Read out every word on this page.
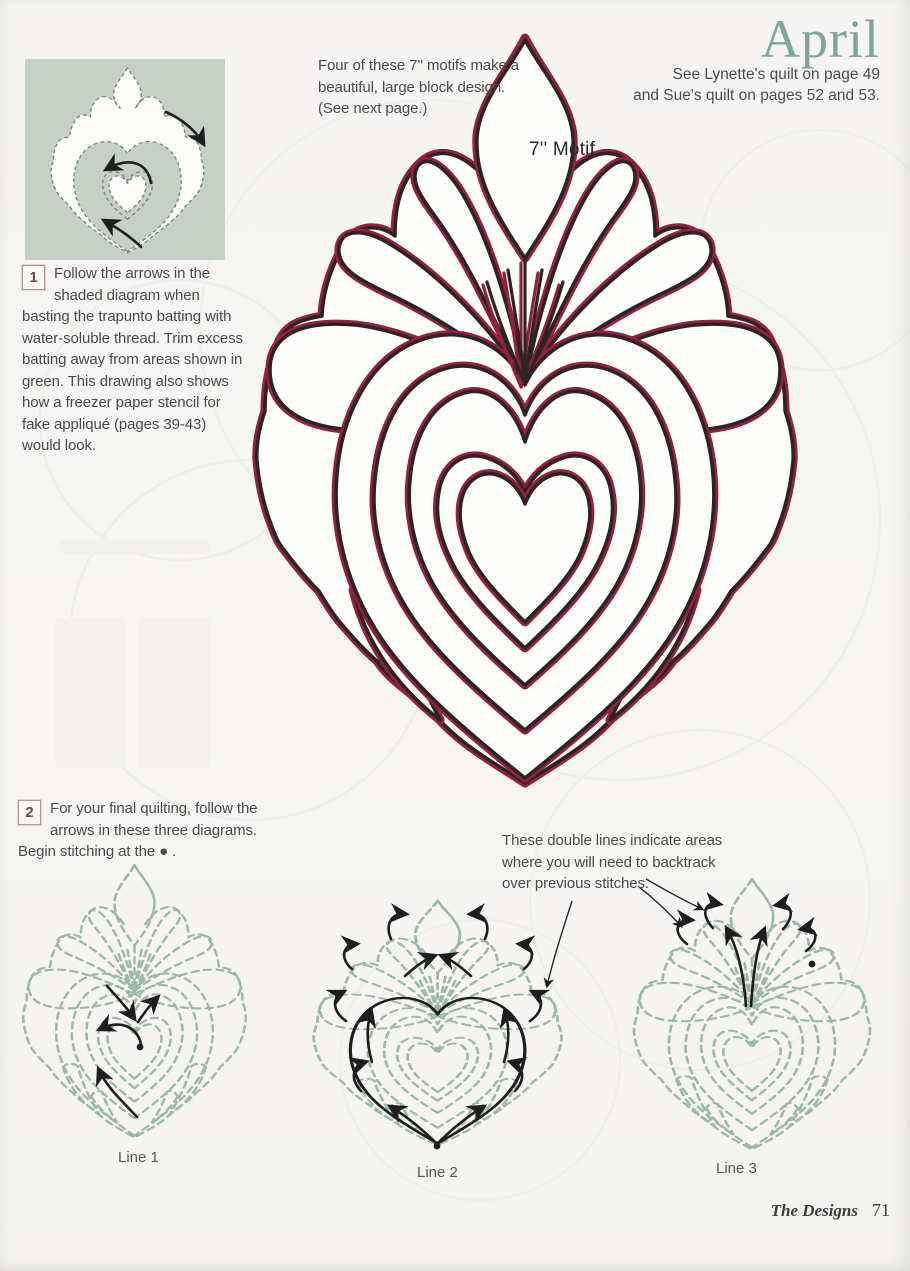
April
See Lynette's quilt on page 49
and Sue's quilt on pages 52 and 53.
Four of these 7'' motifs make a beautiful, large block design. (See next page.)
7'' Motif
1	Follow the arrows in the shaded diagram when basting the trapunto batting with water-soluble thread. Trim excess batting away from areas shown in green. This drawing also shows how a freezer paper stencil for fake appliqué (pages 39-43) would look.
2	For your final quilting, follow the arrows in these three diagrams. Begin stitching at the ● .
These double lines indicate areas where you will need to backtrack over previous stitches.
Line 1
Line 2	Line 3
The Designs 71
